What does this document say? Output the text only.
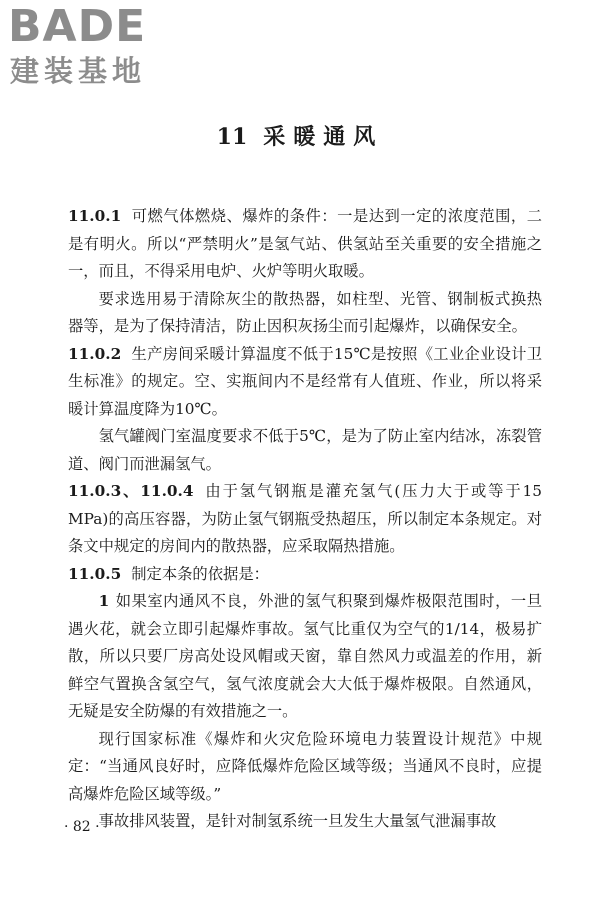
BADE
建装基地
11 采暖通风

11.0.1 可燃气体燃烧、爆炸的条件：一是达到一定的浓度范围，二是有明火。所以“严禁明火”是氢气站、供氢站至关重要的安全措施之一，而且，不得采用电炉、火炉等明火取暖。

要求选用易于清除灰尘的散热器，如柱型、光管、钢制板式换热器等，是为了保持清洁，防止因积灰扬尘而引起爆炸，以确保安全。

11.0.2 生产房间采暖计算温度不低于15℃是按照《工业企业设计卫生标准》的规定。空、实瓶间内不是经常有人值班、作业，所以将采暖计算温度降为10℃。

氢气罐阀门室温度要求不低于5℃，是为了防止室内结冰，冻裂管道、阀门而泄漏氢气。

11.0.3、11.0.4 由于氢气钢瓶是灌充氢气(压力大于或等于15 MPa)的高压容器，为防止氢气钢瓶受热超压，所以制定本条规定。对条文中规定的房间内的散热器，应采取隔热措施。

11.0.5 制定本条的依据是：

1 如果室内通风不良，外泄的氢气积聚到爆炸极限范围时，一旦遇火花，就会立即引起爆炸事故。氢气比重仅为空气的1/14，极易扩散，所以只要厂房高处设风帽或天窗，靠自然风力或温差的作用，新鲜空气置换含氢空气，氢气浓度就会大大低于爆炸极限。自然通风，无疑是安全防爆的有效措施之一。

现行国家标准《爆炸和火灾危险环境电力装置设计规范》中规定：“当通风良好时，应降低爆炸危险区域等级；当通风不良时，应提高爆炸危险区域等级。”

事故排风装置，是针对制氢系统一旦发生大量氢气泄漏事故

· 82 ·
